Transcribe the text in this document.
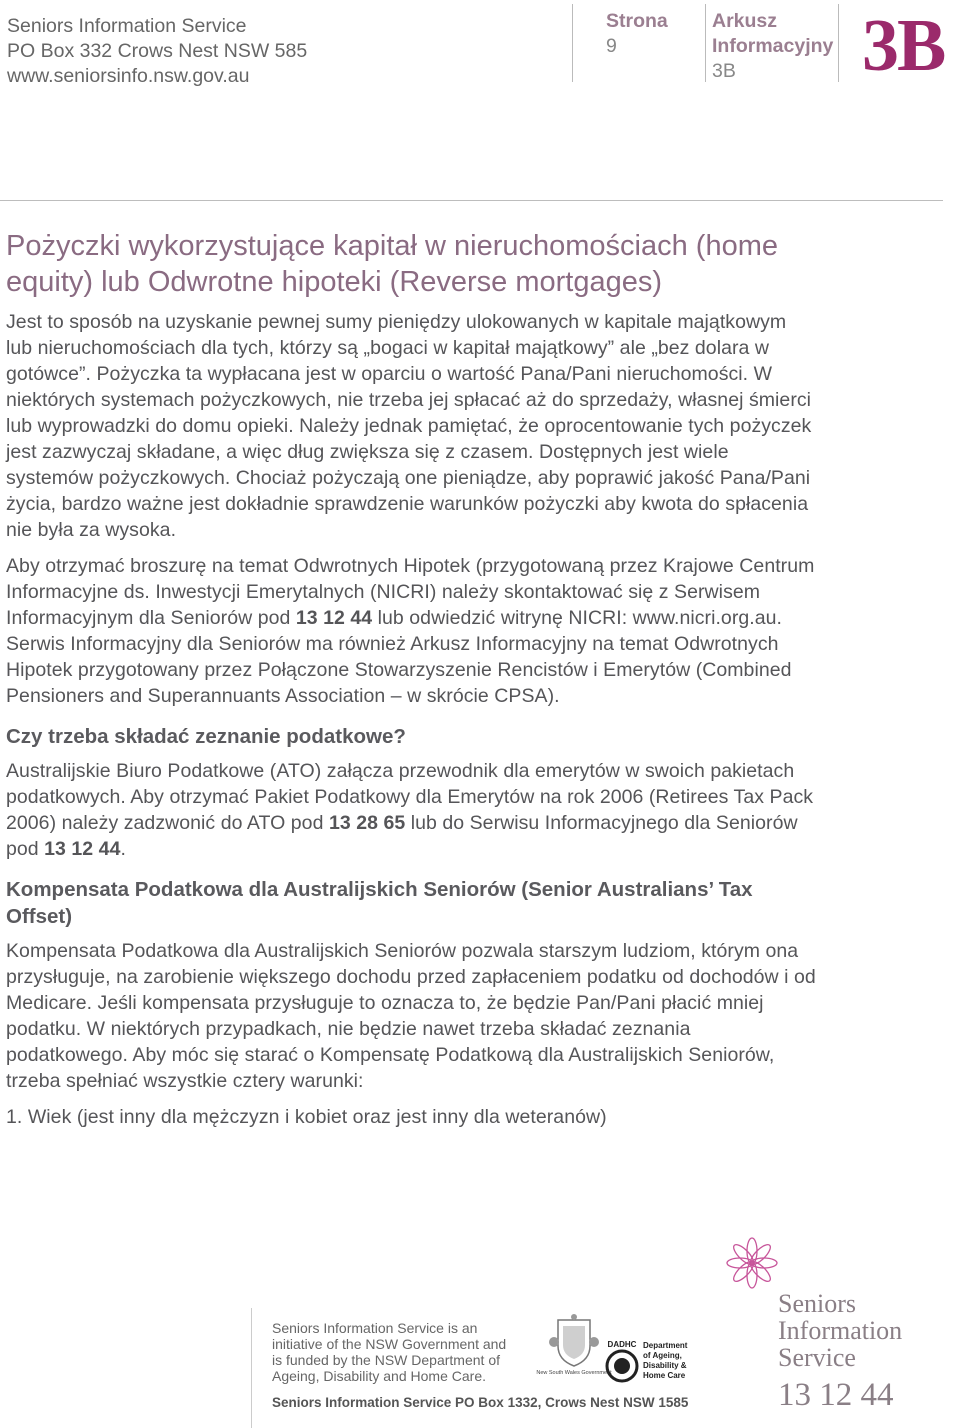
Seniors Information Service
PO Box 332 Crows Nest NSW 585
www.seniorsinfo.nsw.gov.au
Strona
9
Arkusz
Informacyjny
3B	3B
Pożyczki wykorzystujące kapitał w nieruchomościach (home equity) lub Odwrotne hipoteki (Reverse mortgages)

Jest to sposób na uzyskanie pewnej sumy pieniędzy ulokowanych w kapitale majątkowym lub nieruchomościach dla tych, którzy są „bogaci w kapitał majątkowy” ale „bez dolara w gotówce”. Pożyczka ta wypłacana jest w oparciu o wartość Pana/Pani nieruchomości. W niektórych systemach pożyczkowych, nie trzeba jej spłacać aż do sprzedaży, własnej śmierci lub wyprowadzki do domu opieki. Należy jednak pamiętać, że oprocentowanie tych pożyczek jest zazwyczaj składane, a więc dług zwiększa się z czasem. Dostępnych jest wiele systemów pożyczkowych. Chociaż pożyczają one pieniądze, aby poprawić jakość Pana/Pani życia, bardzo ważne jest dokładnie sprawdzenie warunków pożyczki aby kwota do spłacenia nie była za wysoka.

Aby otrzymać broszurę na temat Odwrotnych Hipotek (przygotowaną przez Krajowe Centrum Informacyjne ds. Inwestycji Emerytalnych (NICRI) należy skontaktować się z Serwisem Informacyjnym dla Seniorów pod 13 12 44 lub odwiedzić witrynę NICRI: www.nicri.org.au. Serwis Informacyjny dla Seniorów ma również Arkusz Informacyjny na temat Odwrotnych Hipotek przygotowany przez Połączone Stowarzyszenie Rencistów i Emerytów (Combined Pensioners and Superannuants Association – w skrócie CPSA).

Czy trzeba składać zeznanie podatkowe?

Australijskie Biuro Podatkowe (ATO) załącza przewodnik dla emerytów w swoich pakietach podatkowych. Aby otrzymać Pakiet Podatkowy dla Emerytów na rok 2006 (Retirees Tax Pack 2006) należy zadzwonić do ATO pod 13 28 65 lub do Serwisu Informacyjnego dla Seniorów pod 13 12 44.

Kompensata Podatkowa dla Australijskich Seniorów (Senior Australians’ Tax Offset)

Kompensata Podatkowa dla Australijskich Seniorów pozwala starszym ludziom, którym ona przysługuje, na zarobienie większego dochodu przed zapłaceniem podatku od dochodów i od Medicare. Jeśli kompensata przysługuje to oznacza to, że będzie Pan/Pani płacić mniej podatku. W niektórych przypadkach, nie będzie nawet trzeba składać zeznania podatkowego. Aby móc się starać o Kompensatę Podatkową dla Australijskich Seniorów, trzeba spełniać wszystkie cztery warunki:

1. Wiek (jest inny dla mężczyzn i kobiet oraz jest inny dla weteranów)

Seniors Information Service is an
initiative of the NSW Government and
is funded by the NSW Department of
Ageing, Disability and Home Care.
Seniors Information Service PO Box 1332, Crows Nest NSW 1585
New South Wales Government
DADHC Department
of Ageing,
Disability &
Home Care
Seniors
Information
Service
13 12 44
